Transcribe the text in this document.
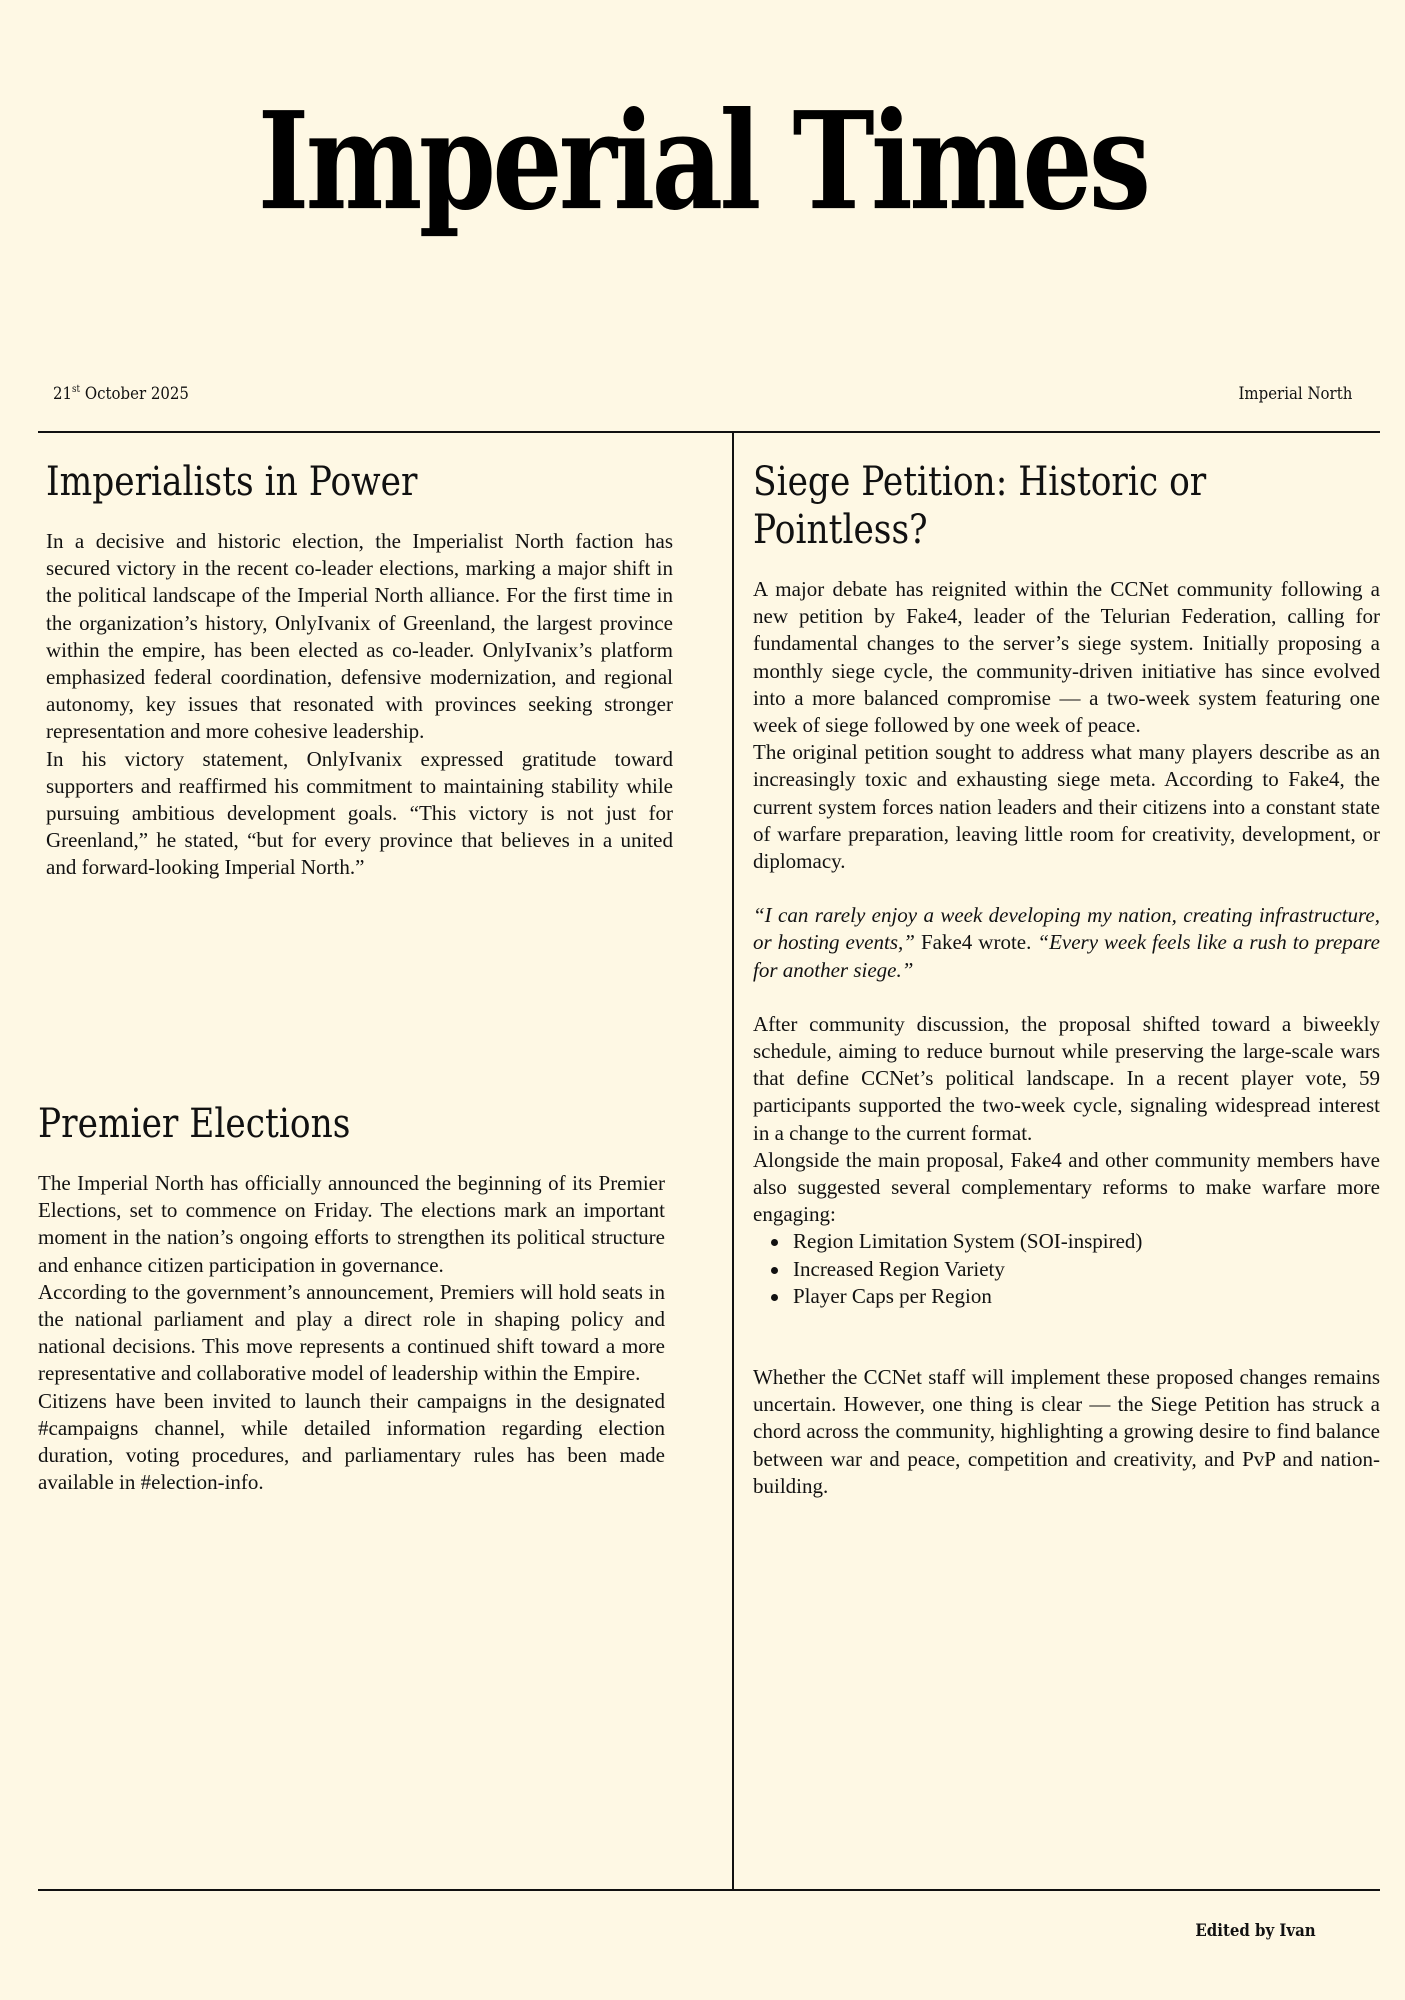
Imperial Times
21st October 2025	Imperial North
Imperialists in Power

In a decisive and historic election, the Imperialist North faction has secured victory in the recent co-leader elections, marking a major shift in the political landscape of the Imperial North alliance. For the first time in the organization’s history, OnlyIvanix of Greenland, the largest province within the empire, has been elected as co-leader. OnlyIvanix’s platform emphasized federal coordination, defensive modernization, and regional autonomy, key issues that resonated with provinces seeking stronger representation and more cohesive leadership.

In his victory statement, OnlyIvanix expressed gratitude toward supporters and reaffirmed his commitment to maintaining stability while pursuing ambitious development goals. “This victory is not just for Greenland,” he stated, “but for every province that believes in a united and forward-looking Imperial North.”

Premier Elections

The Imperial North has officially announced the beginning of its Premier Elections, set to commence on Friday. The elections mark an important moment in the nation’s ongoing efforts to strengthen its political structure and enhance citizen participation in governance.

According to the government’s announcement, Premiers will hold seats in the national parliament and play a direct role in shaping policy and national decisions. This move represents a continued shift toward a more representative and collaborative model of leadership within the Empire.

Citizens have been invited to launch their campaigns in the designated #campaigns channel, while detailed information regarding election duration, voting procedures, and parliamentary rules has been made available in #election-info.

Siege Petition: Historic or Pointless?

A major debate has reignited within the CCNet community following a new petition by Fake4, leader of the Telurian Federation, calling for fundamental changes to the server’s siege system. Initially proposing a monthly siege cycle, the community-driven initiative has since evolved into a more balanced compromise — a two-week system featuring one week of siege followed by one week of peace.

The original petition sought to address what many players describe as an increasingly toxic and exhausting siege meta. According to Fake4, the current system forces nation leaders and their citizens into a constant state of warfare preparation, leaving little room for creativity, development, or diplomacy.

“I can rarely enjoy a week developing my nation, creating infrastructure, or hosting events,” Fake4 wrote. “Every week feels like a rush to prepare for another siege.”

After community discussion, the proposal shifted toward a biweekly schedule, aiming to reduce burnout while preserving the large-scale wars that define CCNet’s political landscape. In a recent player vote, 59 participants supported the two-week cycle, signaling widespread interest in a change to the current format.

Alongside the main proposal, Fake4 and other community members have also suggested several complementary reforms to make warfare more engaging:

Region Limitation System (SOI-inspired)
Increased Region Variety
Player Caps per Region

Whether the CCNet staff will implement these proposed changes remains uncertain. However, one thing is clear — the Siege Petition has struck a chord across the community, highlighting a growing desire to find balance between war and peace, competition and creativity, and PvP and nation-building.

Edited by Ivan
